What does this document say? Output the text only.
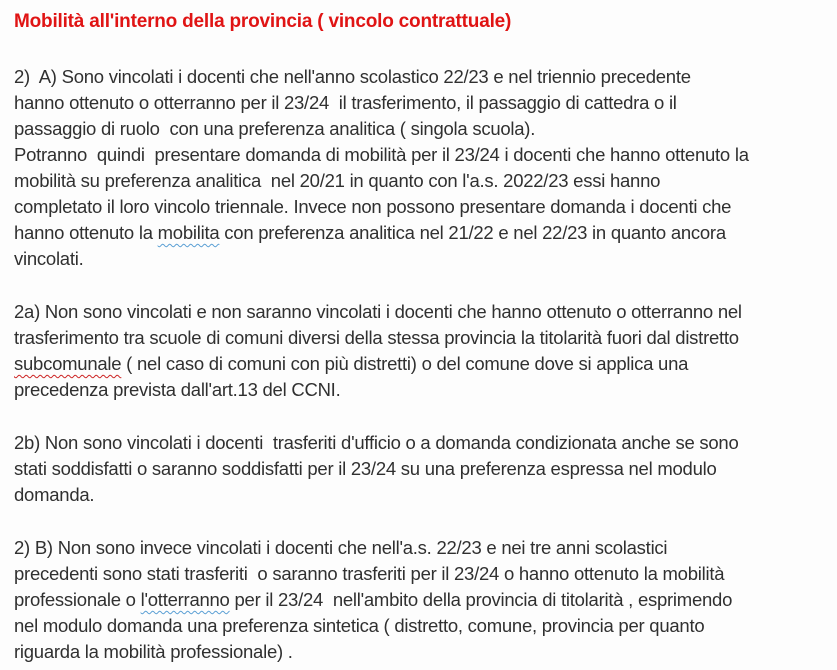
Mobilità all'interno della provincia ( vincolo contrattuale)
2)  A) Sono vincolati i docenti che nell'anno scolastico 22/23 e nel triennio precedente
hanno ottenuto o otterranno per il 23/24  il trasferimento, il passaggio di cattedra o il
passaggio di ruolo  con una preferenza analitica ( singola scuola).
Potranno  quindi  presentare domanda di mobilità per il 23/24 i docenti che hanno ottenuto la
mobilità su preferenza analitica  nel 20/21 in quanto con l'a.s. 2022/23 essi hanno
completato il loro vincolo triennale. Invece non possono presentare domanda i docenti che
hanno ottenuto la mobilita con preferenza analitica nel 21/22 e nel 22/23 in quanto ancora
vincolati.
2a) Non sono vincolati e non saranno vincolati i docenti che hanno ottenuto o otterranno nel
trasferimento tra scuole di comuni diversi della stessa provincia la titolarità fuori dal distretto
subcomunale ( nel caso di comuni con più distretti) o del comune dove si applica una
precedenza prevista dall'art.13 del CCNI.
2b) Non sono vincolati i docenti  trasferiti d'ufficio o a domanda condizionata anche se sono
stati soddisfatti o saranno soddisfatti per il 23/24 su una preferenza espressa nel modulo
domanda.
2) B) Non sono invece vincolati i docenti che nell'a.s. 22/23 e nei tre anni scolastici
precedenti sono stati trasferiti  o saranno trasferiti per il 23/24 o hanno ottenuto la mobilità
professionale o l'otterranno per il 23/24  nell'ambito della provincia di titolarità , esprimendo
nel modulo domanda una preferenza sintetica ( distretto, comune, provincia per quanto
riguarda la mobilità professionale) .
